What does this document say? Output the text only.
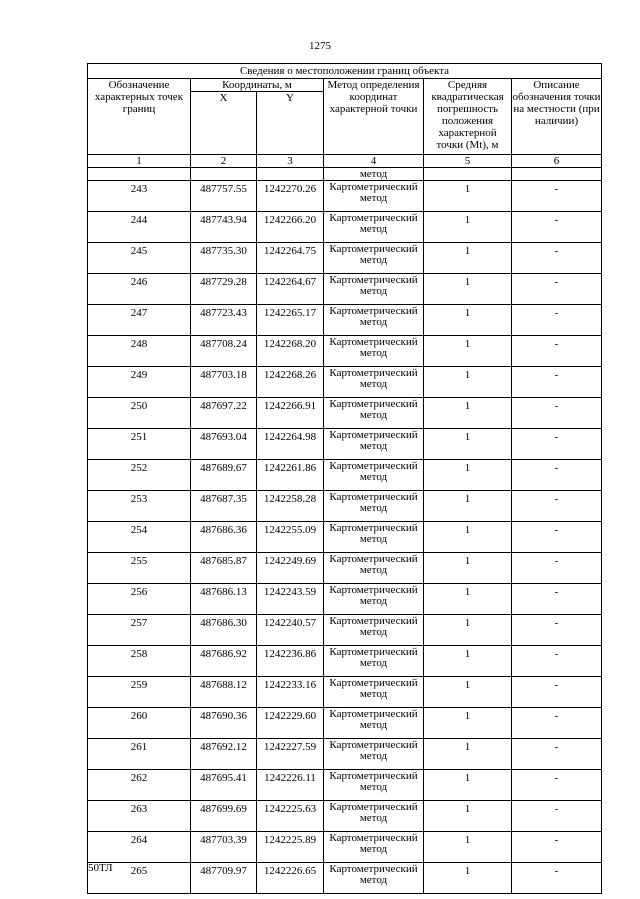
1275
Сведения о местоположении границ объекта					
Обозначение характерных точек границ	Координаты, м		Метод определения координат характерной точки	Средняя квадратическая погрешность положения характерной точки (Mt), м	Описание обозначения точки на местности (при наличии)
	X	Y			
1	2	3	4	5	6
			метод		
243	487757.55	1242270.26	Картометрический метод	1	-
244	487743.94	1242266.20	Картометрический метод	1	-
245	487735.30	1242264.75	Картометрический метод	1	-
246	487729.28	1242264.67	Картометрический метод	1	-
247	487723.43	1242265.17	Картометрический метод	1	-
248	487708.24	1242268.20	Картометрический метод	1	-
249	487703.18	1242268.26	Картометрический метод	1	-
250	487697.22	1242266.91	Картометрический метод	1	-
251	487693.04	1242264.98	Картометрический метод	1	-
252	487689.67	1242261.86	Картометрический метод	1	-
253	487687.35	1242258.28	Картометрический метод	1	-
254	487686.36	1242255.09	Картометрический метод	1	-
255	487685.87	1242249.69	Картометрический метод	1	-
256	487686.13	1242243.59	Картометрический метод	1	-
257	487686.30	1242240.57	Картометрический метод	1	-
258	487686.92	1242236.86	Картометрический метод	1	-
259	487688.12	1242233.16	Картометрический метод	1	-
260	487690.36	1242229.60	Картометрический метод	1	-
261	487692.12	1242227.59	Картометрический метод	1	-
262	487695.41	1242226.11	Картометрический метод	1	-
263	487699.69	1242225.63	Картометрический метод	1	-
264	487703.39	1242225.89	Картометрический метод	1	-
265	487709.97	1242226.65	Картометрический метод	1	-
50ТЛ
